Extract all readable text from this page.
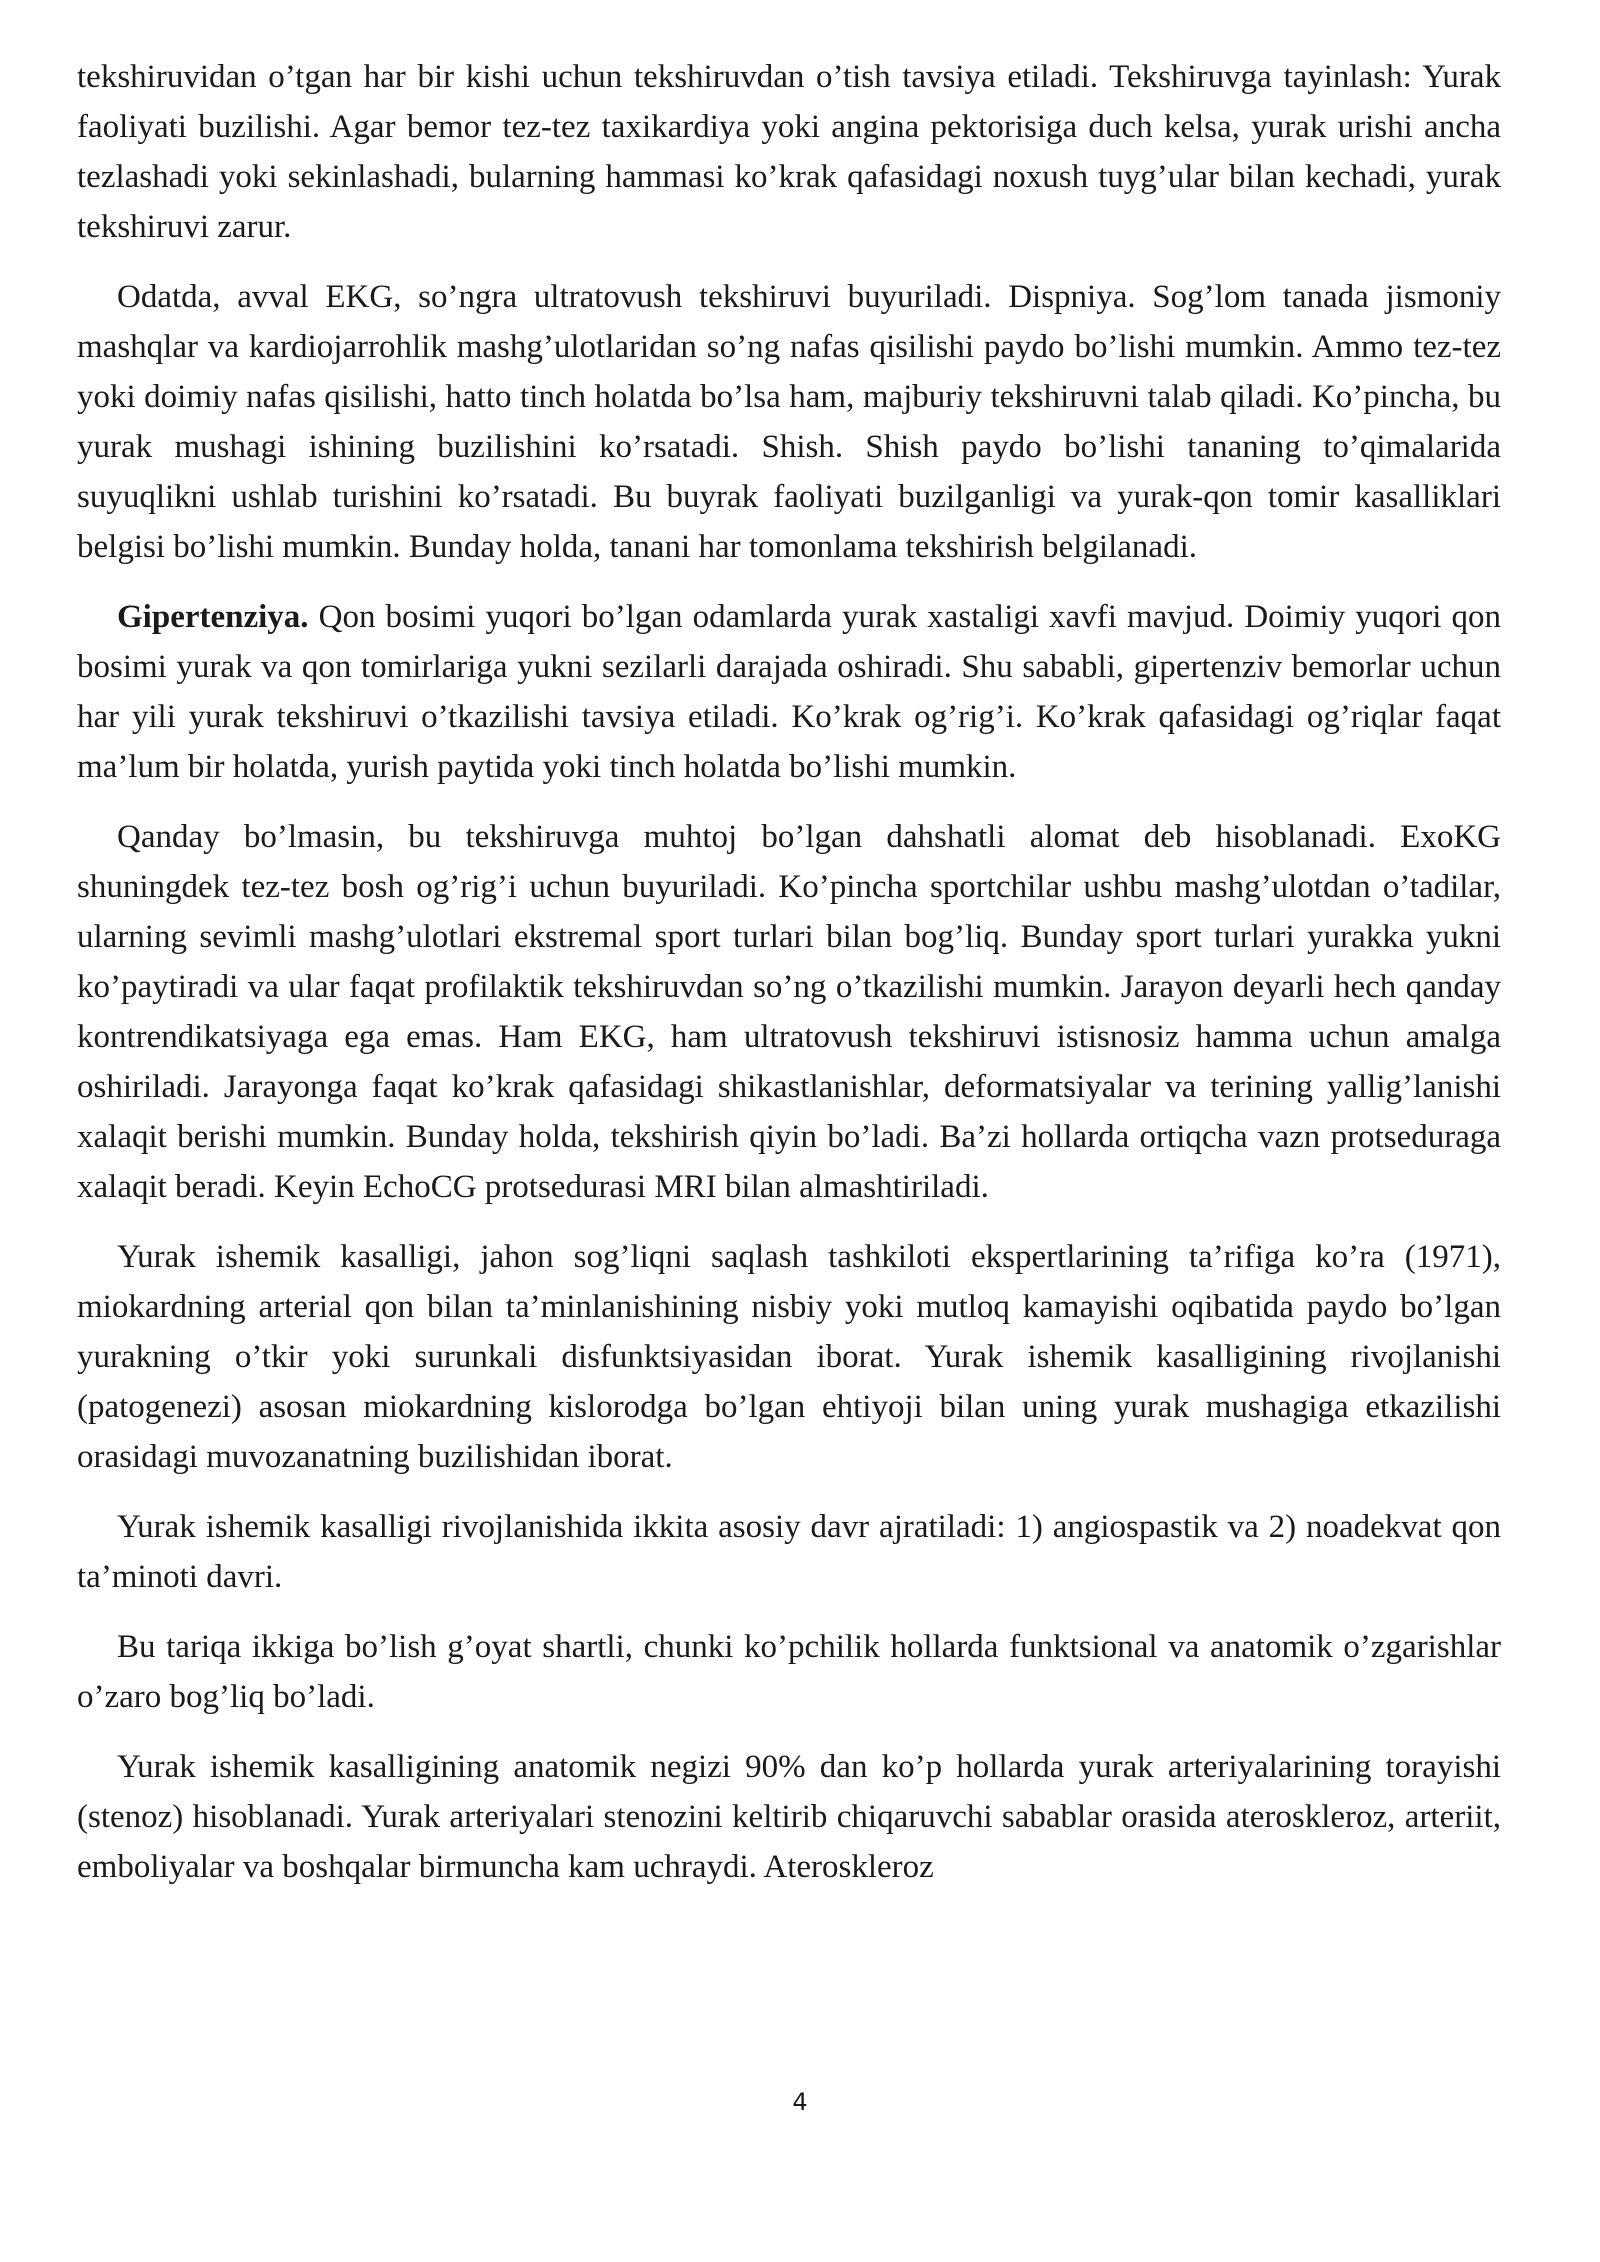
tekshiruvidan o’tgan har bir kishi uchun tekshiruvdan o’tish tavsiya etiladi. Tekshiruvga tayinlash: Yurak faoliyati buzilishi. Agar bemor tez-tez taxikardiya yoki angina pektorisiga duch kelsa, yurak urishi ancha tezlashadi yoki sekinlashadi, bularning hammasi ko’krak qafasidagi noxush tuyg’ular bilan kechadi, yurak tekshiruvi zarur.

Odatda, avval EKG, so’ngra ultratovush tekshiruvi buyuriladi. Dispniya. Sog’lom tanada jismoniy mashqlar va kardiojarrohlik mashg’ulotlaridan so’ng nafas qisilishi paydo bo’lishi mumkin. Ammo tez-tez yoki doimiy nafas qisilishi, hatto tinch holatda bo’lsa ham, majburiy tekshiruvni talab qiladi. Ko’pincha, bu yurak mushagi ishining buzilishini ko’rsatadi. Shish. Shish paydo bo’lishi tananing to’qimalarida suyuqlikni ushlab turishini ko’rsatadi. Bu buyrak faoliyati buzilganligi va yurak-qon tomir kasalliklari belgisi bo’lishi mumkin. Bunday holda, tanani har tomonlama tekshirish belgilanadi.

Gipertenziya. Qon bosimi yuqori bo’lgan odamlarda yurak xastaligi xavfi mavjud. Doimiy yuqori qon bosimi yurak va qon tomirlariga yukni sezilarli darajada oshiradi. Shu sababli, gipertenziv bemorlar uchun har yili yurak tekshiruvi o’tkazilishi tavsiya etiladi. Ko’krak og’rig’i. Ko’krak qafasidagi og’riqlar faqat ma’lum bir holatda, yurish paytida yoki tinch holatda bo’lishi mumkin.

Qanday bo’lmasin, bu tekshiruvga muhtoj bo’lgan dahshatli alomat deb hisoblanadi. ExoKG shuningdek tez-tez bosh og’rig’i uchun buyuriladi. Ko’pincha sportchilar ushbu mashg’ulotdan o’tadilar, ularning sevimli mashg’ulotlari ekstremal sport turlari bilan bog’liq. Bunday sport turlari yurakka yukni ko’paytiradi va ular faqat profilaktik tekshiruvdan so’ng o’tkazilishi mumkin. Jarayon deyarli hech qanday kontrendikatsiyaga ega emas. Ham EKG, ham ultratovush tekshiruvi istisnosiz hamma uchun amalga oshiriladi. Jarayonga faqat ko’krak qafasidagi shikastlanishlar, deformatsiyalar va terining yallig’lanishi xalaqit berishi mumkin. Bunday holda, tekshirish qiyin bo’ladi. Ba’zi hollarda ortiqcha vazn protseduraga xalaqit beradi. Keyin EchoCG protsedurasi MRI bilan almashtiriladi.

Yurak ishemik kasalligi, jahon sog’liqni saqlash tashkiloti ekspertlarining ta’rifiga ko’ra (1971), miokardning arterial qon bilan ta’minlanishining nisbiy yoki mutloq kamayishi oqibatida paydo bo’lgan yurakning o’tkir yoki surunkali disfunktsiyasidan iborat. Yurak ishemik kasalligining rivojlanishi (patogenezi) asosan miokardning kislorodga bo’lgan ehtiyoji bilan uning yurak mushagiga etkazilishi orasidagi muvozanatning buzilishidan iborat.

Yurak ishemik kasalligi rivojlanishida ikkita asosiy davr ajratiladi: 1) angiospastik va 2) noadekvat qon ta’minoti davri.

Bu tariqa ikkiga bo’lish g’oyat shartli, chunki ko’pchilik hollarda funktsional va anatomik o’zgarishlar o’zaro bog’liq bo’ladi.

Yurak ishemik kasalligining anatomik negizi 90% dan ko’p hollarda yurak arteriyalarining torayishi (stenoz) hisoblanadi. Yurak arteriyalari stenozini keltirib chiqaruvchi sabablar orasida ateroskleroz, arteriit, emboliyalar va boshqalar birmuncha kam uchraydi. Ateroskleroz

4
